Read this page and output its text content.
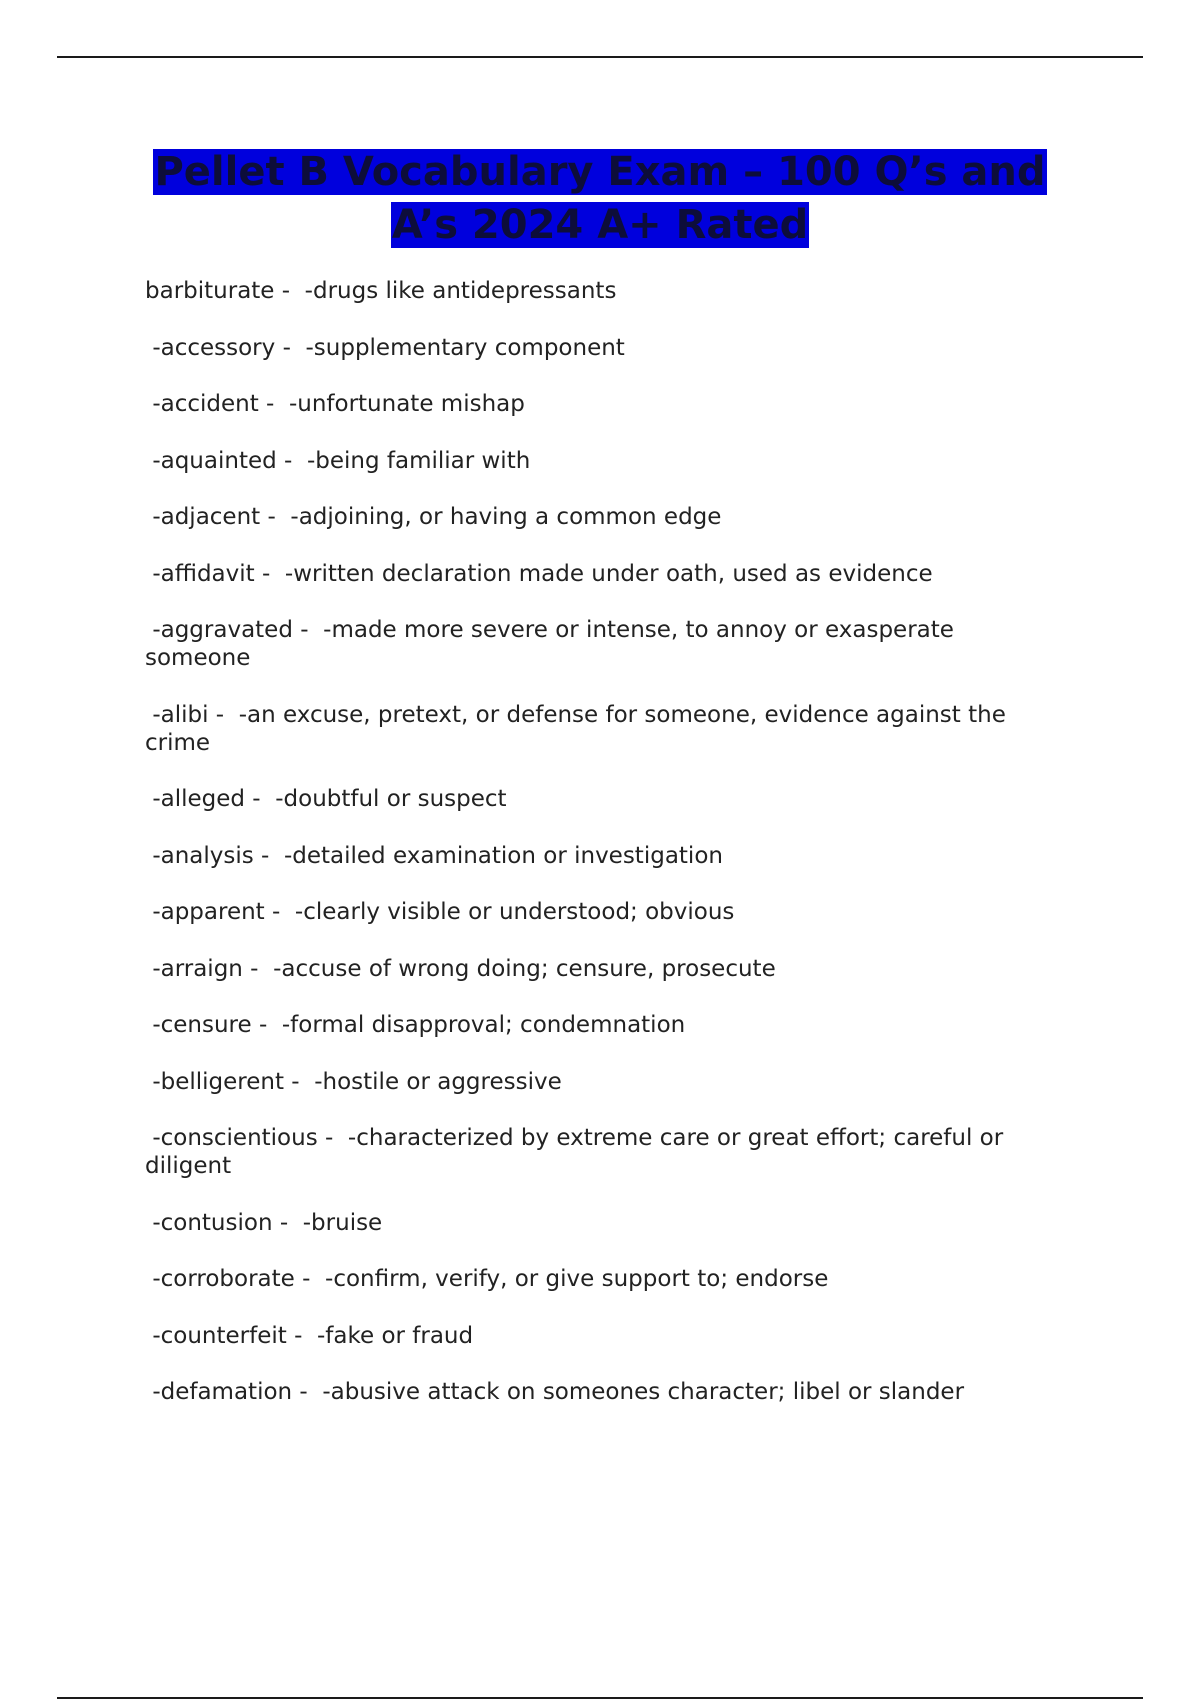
Pellet B Vocabulary Exam – 100 Q’s and A’s 2024 A+ Rated
barbiturate -  -drugs like antidepressants
-accessory -  -supplementary component
-accident -  -unfortunate mishap
-aquainted -  -being familiar with
-adjacent -  -adjoining, or having a common edge
-affidavit -  -written declaration made under oath, used as evidence
-aggravated -  -made more severe or intense, to annoy or exasperate someone
-alibi -  -an excuse, pretext, or defense for someone, evidence against the crime
-alleged -  -doubtful or suspect
-analysis -  -detailed examination or investigation
-apparent -  -clearly visible or understood; obvious
-arraign -  -accuse of wrong doing; censure, prosecute
-censure -  -formal disapproval; condemnation
-belligerent -  -hostile or aggressive
-conscientious -  -characterized by extreme care or great effort; careful or diligent
-contusion -  -bruise
-corroborate -  -confirm, verify, or give support to; endorse
-counterfeit -  -fake or fraud
-defamation -  -abusive attack on someones character; libel or slander
